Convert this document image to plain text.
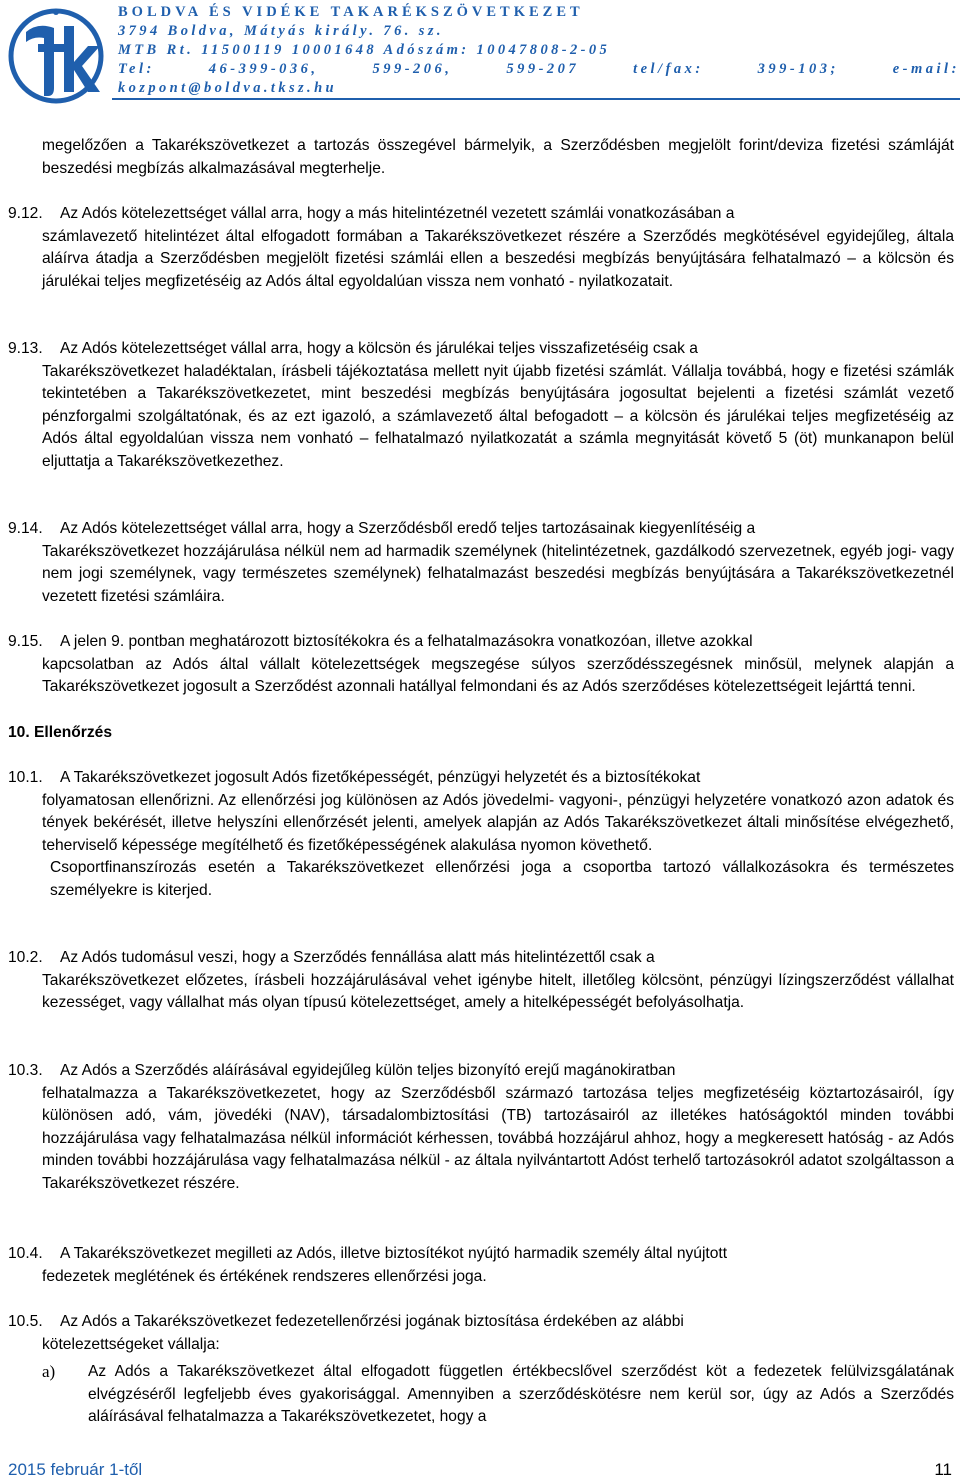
BOLDVA ÉS VIDÉKE TAKARÉKSZÖVETKEZET
3794 Boldva, Mátyás király. 76. sz.
MTB Rt. 11500119 10001648 Adószám: 10047808-2-05
Tel:	46-399-036,	599-206,	599-207	tel/fax:	399-103;	e-mail:
kozpont@boldva.tksz.hu
megelőzően a Takarékszövetkezet a tartozás összegével bármelyik, a Szerződésben megjelölt forint/deviza fizetési számláját beszedési megbízás alkalmazásával megterhelje.
9.12. Az Adós kötelezettséget vállal arra, hogy a más hitelintézetnél vezetett számlái vonatkozásában a
számlavezető hitelintézet által elfogadott formában a Takarékszövetkezet részére a Szerződés megkötésével egyidejűleg, általa aláírva átadja a Szerződésben megjelölt fizetési számlái ellen a beszedési megbízás benyújtására felhatalmazó – a kölcsön és járulékai teljes megfizetéséig az Adós által egyoldalúan vissza nem vonható - nyilatkozatait.
9.13. Az Adós kötelezettséget vállal arra, hogy a kölcsön és járulékai teljes visszafizetéséig csak a
Takarékszövetkezet haladéktalan, írásbeli tájékoztatása mellett nyit újabb fizetési számlát. Vállalja továbbá, hogy e fizetési számlák tekintetében a Takarékszövetkezetet, mint beszedési megbízás benyújtására jogosultat bejelenti a fizetési számlát vezető pénzforgalmi szolgáltatónak, és az ezt igazoló, a számlavezető által befogadott – a kölcsön és járulékai teljes megfizetéséig az Adós által egyoldalúan vissza nem vonható – felhatalmazó nyilatkozatát a számla megnyitását követő 5 (öt) munkanapon belül eljuttatja a Takarékszövetkezethez.
9.14. Az Adós kötelezettséget vállal arra, hogy a Szerződésből eredő teljes tartozásainak kiegyenlítéséig a
Takarékszövetkezet hozzájárulása nélkül nem ad harmadik személynek (hitelintézetnek, gazdálkodó szervezetnek, egyéb jogi- vagy nem jogi személynek, vagy természetes személynek) felhatalmazást beszedési megbízás benyújtására a Takarékszövetkezetnél vezetett fizetési számláira.
9.15. A jelen 9. pontban meghatározott biztosítékokra és a felhatalmazásokra vonatkozóan, illetve azokkal
kapcsolatban az Adós által vállalt kötelezettségek megszegése súlyos szerződésszegésnek minősül, melynek alapján a Takarékszövetkezet jogosult a Szerződést azonnali hatállyal felmondani és az Adós szerződéses kötelezettségeit lejárttá tenni.
10. Ellenőrzés
10.1. A Takarékszövetkezet jogosult Adós fizetőképességét, pénzügyi helyzetét és a biztosítékokat
folyamatosan ellenőrizni. Az ellenőrzési jog különösen az Adós jövedelmi- vagyoni-, pénzügyi helyzetére vonatkozó azon adatok és tények bekérését, illetve helyszíni ellenőrzését jelenti, amelyek alapján az Adós Takarékszövetkezet általi minősítése elvégezhető, teherviselő képessége megítélhető és fizetőképességének alakulása nyomon követhető.
Csoportfinanszírozás esetén a Takarékszövetkezet ellenőrzési joga a csoportba tartozó vállalkozásokra és természetes személyekre is kiterjed.
10.2. Az Adós tudomásul veszi, hogy a Szerződés fennállása alatt más hitelintézettől csak a
Takarékszövetkezet előzetes, írásbeli hozzájárulásával vehet igénybe hitelt, illetőleg kölcsönt, pénzügyi lízingszerződést vállalhat kezességet, vagy vállalhat más olyan típusú kötelezettséget, amely a hitelképességét befolyásolhatja.
10.3. Az Adós a Szerződés aláírásával egyidejűleg külön teljes bizonyító erejű magánokiratban
felhatalmazza a Takarékszövetkezetet, hogy az Szerződésből származó tartozása teljes megfizetéséig köztartozásairól, így különösen adó, vám, jövedéki (NAV), társadalombiztosítási (TB) tartozásairól az illetékes hatóságoktól minden további hozzájárulása vagy felhatalmazása nélkül információt kérhessen, továbbá hozzájárul ahhoz, hogy a megkeresett hatóság - az Adós minden további hozzájárulása vagy felhatalmazása nélkül - az általa nyilvántartott Adóst terhelő tartozásokról adatot szolgáltasson a Takarékszövetkezet részére.
10.4. A Takarékszövetkezet megilleti az Adós, illetve biztosítékot nyújtó harmadik személy által nyújtott
fedezetek meglétének és értékének rendszeres ellenőrzési joga.
10.5. Az Adós a Takarékszövetkezet fedezetellenőrzési jogának biztosítása érdekében az alábbi
kötelezettségeket vállalja:
a)	Az Adós a Takarékszövetkezet által elfogadott független értékbecslővel szerződést köt a fedezetek felülvizsgálatának elvégzéséről legfeljebb éves gyakorisággal. Amennyiben a szerződéskötésre nem kerül sor, úgy az Adós a Szerződés aláírásával felhatalmazza a Takarékszövetkezetet, hogy a
2015 február 1-től	11
